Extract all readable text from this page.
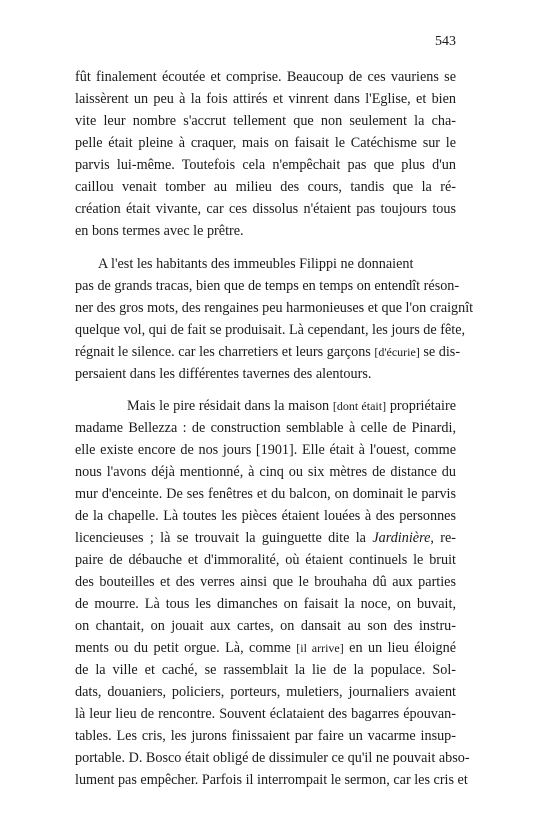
543
fût finalement écoutée et comprise. Beaucoup de ces vauriens se
laissèrent un peu à la fois attirés et vinrent dans l'Eglise, et bien
vite leur nombre s'accrut tellement que non seulement la cha-
pelle était pleine à craquer, mais on faisait le Catéchisme sur le
parvis lui-même. Toutefois cela n'empêchait pas que plus d'un
caillou venait tomber au milieu des cours, tandis que la ré-
création était vivante, car ces dissolus n'étaient pas toujours tous
en bons termes avec le prêtre.
A l'est les habitants des immeubles Filippi ne donnaient
pas de grands tracas, bien que de temps en temps on entendît réson-
ner des gros mots, des rengaines peu harmonieuses et que l'on craignît
quelque vol, qui de fait se produisait. Là cependant, les jours de fête,
régnait le silence. car les charretiers et leurs garçons [d'écurie] se dis-
persaient dans les différentes tavernes des alentours.
Mais le pire résidait dans la maison [dont était] propriétaire
madame Bellezza : de construction semblable à celle de Pinardi,
elle existe encore de nos jours [1901]. Elle était à l'ouest, comme
nous l'avons déjà mentionné, à cinq ou six mètres de distance du
mur d'enceinte. De ses fenêtres et du balcon, on dominait le parvis
de la chapelle. Là toutes les pièces étaient louées à des personnes
licencieuses ; là se trouvait la guinguette dite la Jardinière, re-
paire de débauche et d'immoralité, où étaient continuels le bruit
des bouteilles et des verres ainsi que le brouhaha dû aux parties
de mourre. Là tous les dimanches on faisait la noce, on buvait,
on chantait, on jouait aux cartes, on dansait au son des instru-
ments ou du petit orgue. Là, comme [il arrive] en un lieu éloigné
de la ville et caché, se rassemblait la lie de la populace. Sol-
dats, douaniers, policiers, porteurs, muletiers, journaliers avaient
là leur lieu de rencontre. Souvent éclataient des bagarres épouvan-
tables. Les cris, les jurons finissaient par faire un vacarme insup-
portable. D. Bosco était obligé de dissimuler ce qu'il ne pouvait abso-
lument pas empêcher. Parfois il interrompait le sermon, car les cris et
